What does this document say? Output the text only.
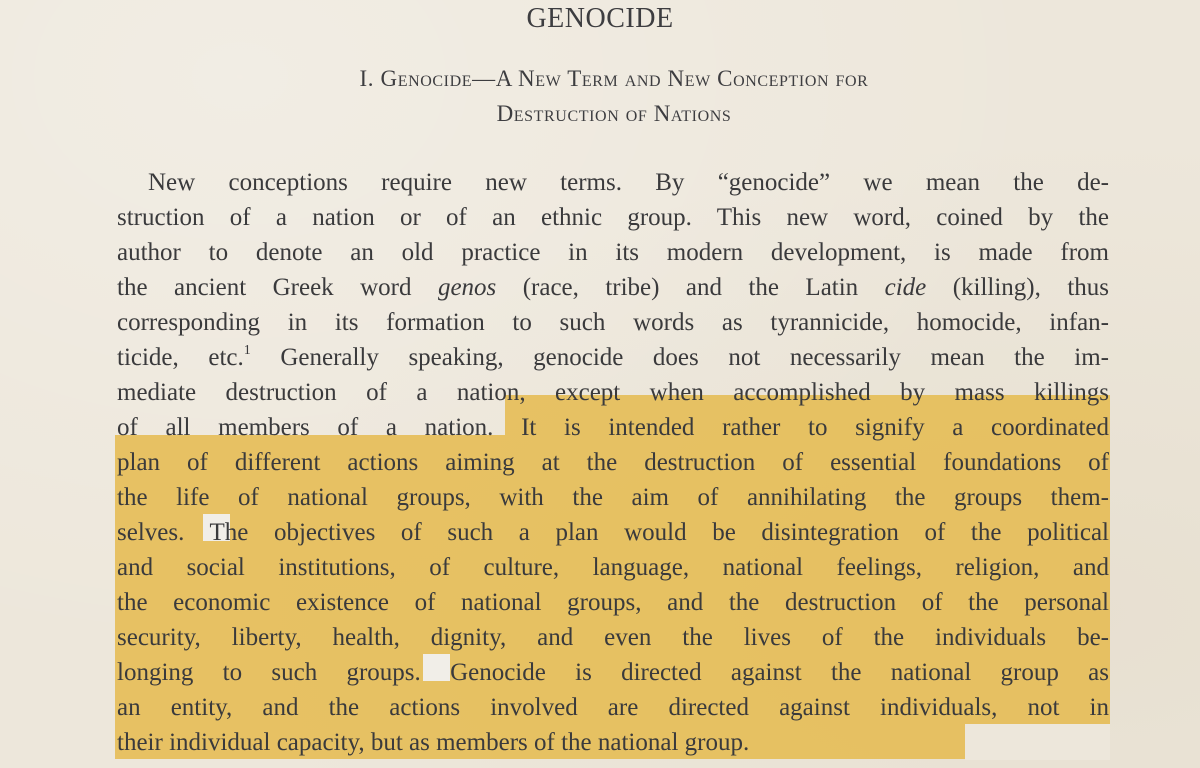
GENOCIDE
I. Genocide—A New Term and New Conception for
Destruction of Nations
New conceptions require new terms. By “genocide” we mean the de-
struction of a nation or of an ethnic group. This new word, coined by the
author to denote an old practice in its modern development, is made from
the ancient Greek word genos (race, tribe) and the Latin cide (killing), thus
corresponding in its formation to such words as tyrannicide, homocide, infan-
ticide, etc.$^1$ Generally speaking, genocide does not necessarily mean the im-
mediate destruction of a nation, except when accomplished by mass killings
of all members of a nation. It is intended rather to signify a coordinated
plan of different actions aiming at the destruction of essential foundations of
the life of national groups, with the aim of annihilating the groups them-
selves. The objectives of such a plan would be disintegration of the political
and social institutions, of culture, language, national feelings, religion, and
the economic existence of national groups, and the destruction of the personal
security, liberty, health, dignity, and even the lives of the individuals be-
longing to such groups. Genocide is directed against the national group as
an entity, and the actions involved are directed against individuals, not in
their individual capacity, but as members of the national group.
